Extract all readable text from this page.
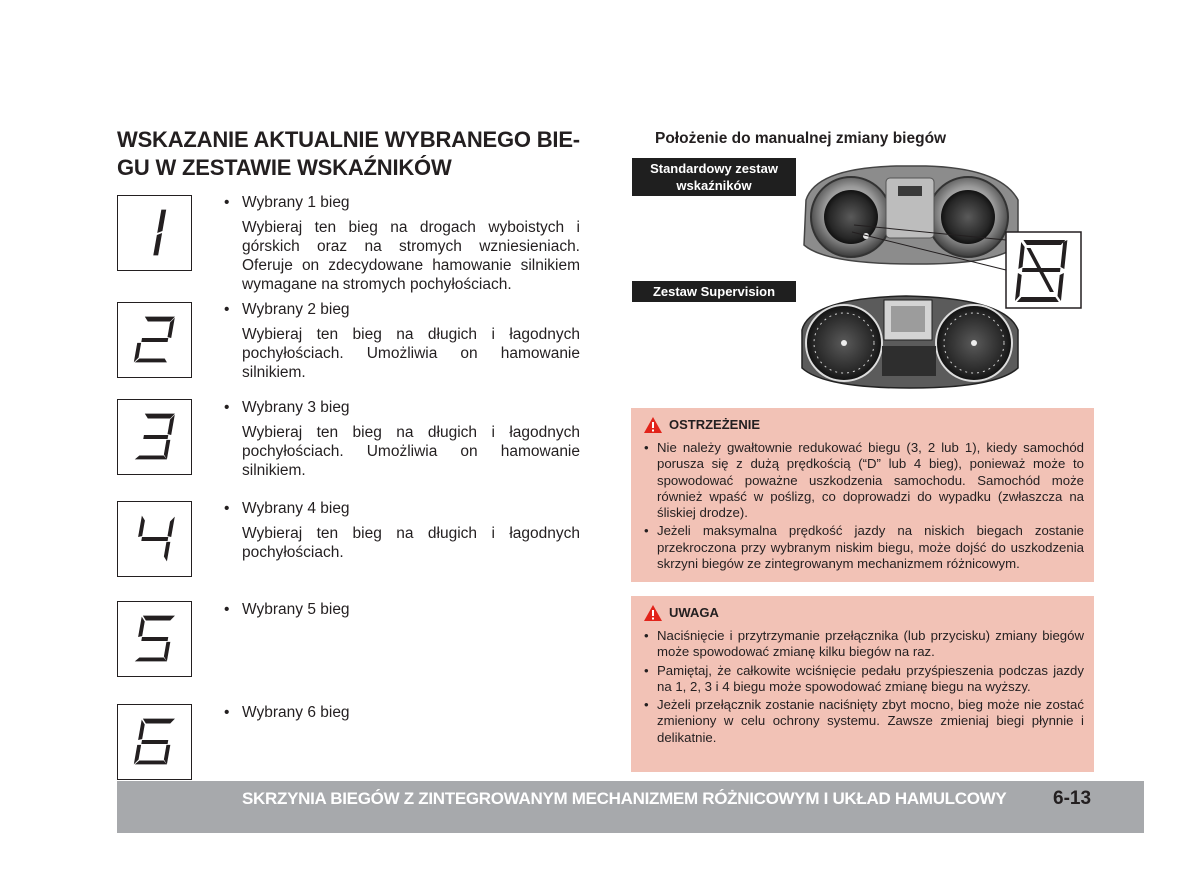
WSKAZANIE AKTUALNIE WYBRANEGO BIE-
GU W ZESTAWIE WSKAŹNIKÓW
• Wybrany 1 bieg
Wybieraj ten bieg na drogach wyboistych i górskich oraz na stromych wzniesieniach. Oferuje on zdecydowane hamowanie silnikiem wymagane na stromych pochyłościach.
• Wybrany 2 bieg
Wybieraj ten bieg na długich i łagodnych pochyłościach. Umożliwia on hamowanie silnikiem.
• Wybrany 3 bieg
Wybieraj ten bieg na długich i łagodnych pochyłościach. Umożliwia on hamowanie silnikiem.
• Wybrany 4 bieg
Wybieraj ten bieg na długich i łagodnych pochyłościach.
• Wybrany 5 bieg
• Wybrany 6 bieg
Położenie do manualnej zmiany biegów
Standardowy zestaw
wskaźników
Zestaw Supervision
OSTRZEŻENIE
• Nie należy gwałtownie redukować biegu (3, 2 lub 1), kiedy samochód porusza się z dużą prędkością (“D” lub 4 bieg), ponieważ może to spowodować poważne uszkodzenia samochodu. Samochód może również wpaść w poślizg, co doprowadzi do wypadku (zwłaszcza na śliskiej drodze).
• Jeżeli maksymalna prędkość jazdy na niskich biegach zostanie przekroczona przy wybranym niskim biegu, może dojść do uszkodzenia skrzyni biegów ze zintegrowanym mechanizmem różnicowym.
UWAGA
• Naciśnięcie i przytrzymanie przełącznika (lub przycisku) zmiany biegów może spowodować zmianę kilku biegów na raz.
• Pamiętaj, że całkowite wciśnięcie pedału przyśpieszenia podczas jazdy na 1, 2, 3 i 4 biegu może spowodować zmianę biegu na wyższy.
• Jeżeli przełącznik zostanie naciśnięty zbyt mocno, bieg może nie zostać zmieniony w celu ochrony systemu. Zawsze zmieniaj biegi płynnie i delikatnie.
SKRZYNIA BIEGÓW Z ZINTEGROWANYM MECHANIZMEM RÓŻNICOWYM I UKŁAD HAMULCOWY 6-13
